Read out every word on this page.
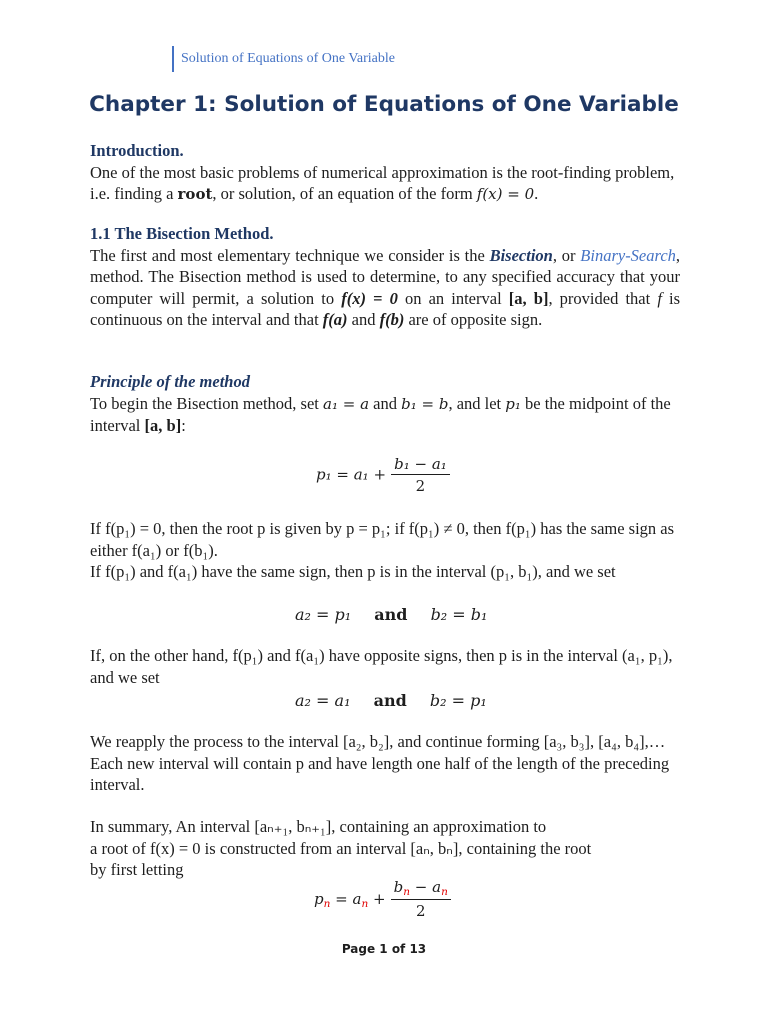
Solution of Equations of One Variable
Chapter 1: Solution of Equations of One Variable
Introduction.
One of the most basic problems of numerical approximation is the root-finding problem, i.e. finding a root, or solution, of an equation of the form f(x) = 0.
1.1 The Bisection Method.
The first and most elementary technique we consider is the Bisection, or Binary-Search, method. The Bisection method is used to determine, to any specified accuracy that your computer will permit, a solution to f(x) = 0 on an interval [a, b], provided that f is continuous on the interval and that f(a) and f(b) are of opposite sign.
Principle of the method
To begin the Bisection method, set a₁ = a and b₁ = b, and let p₁ be the midpoint of the interval [a, b]:
$p_1 = a_1 + \frac{\text{b₁ − a₁}}{2}$
If f(p₁) = 0, then the root p is given by p = p₁; if f(p₁) ≠ 0, then f(p₁) has the same sign as either f(a₁) or f(b₁).
If f(p₁) and f(a₁) have the same sign, then p is in the interval (p₁, b₁), and we set
a₂ = p₁ and b₂ = b₁
If, on the other hand, f(p₁) and f(a₁) have opposite signs, then p is in the interval (a₁, p₁), and we set
a₂ = a₁ and b₂ = p₁
We reapply the process to the interval [a₂, b₂], and continue forming [a₃, b₃], [a₄, b₄],… Each new interval will contain p and have length one half of the length of the preceding interval.
In summary, An interval [aₙ₊₁, bₙ₊₁], containing an approximation to
a root of f(x) = 0 is constructed from an interval [aₙ, bₙ], containing the root
by first letting
$p_n = a_n + \frac{b_n - a_n}{2}$
Page 1 of 13
